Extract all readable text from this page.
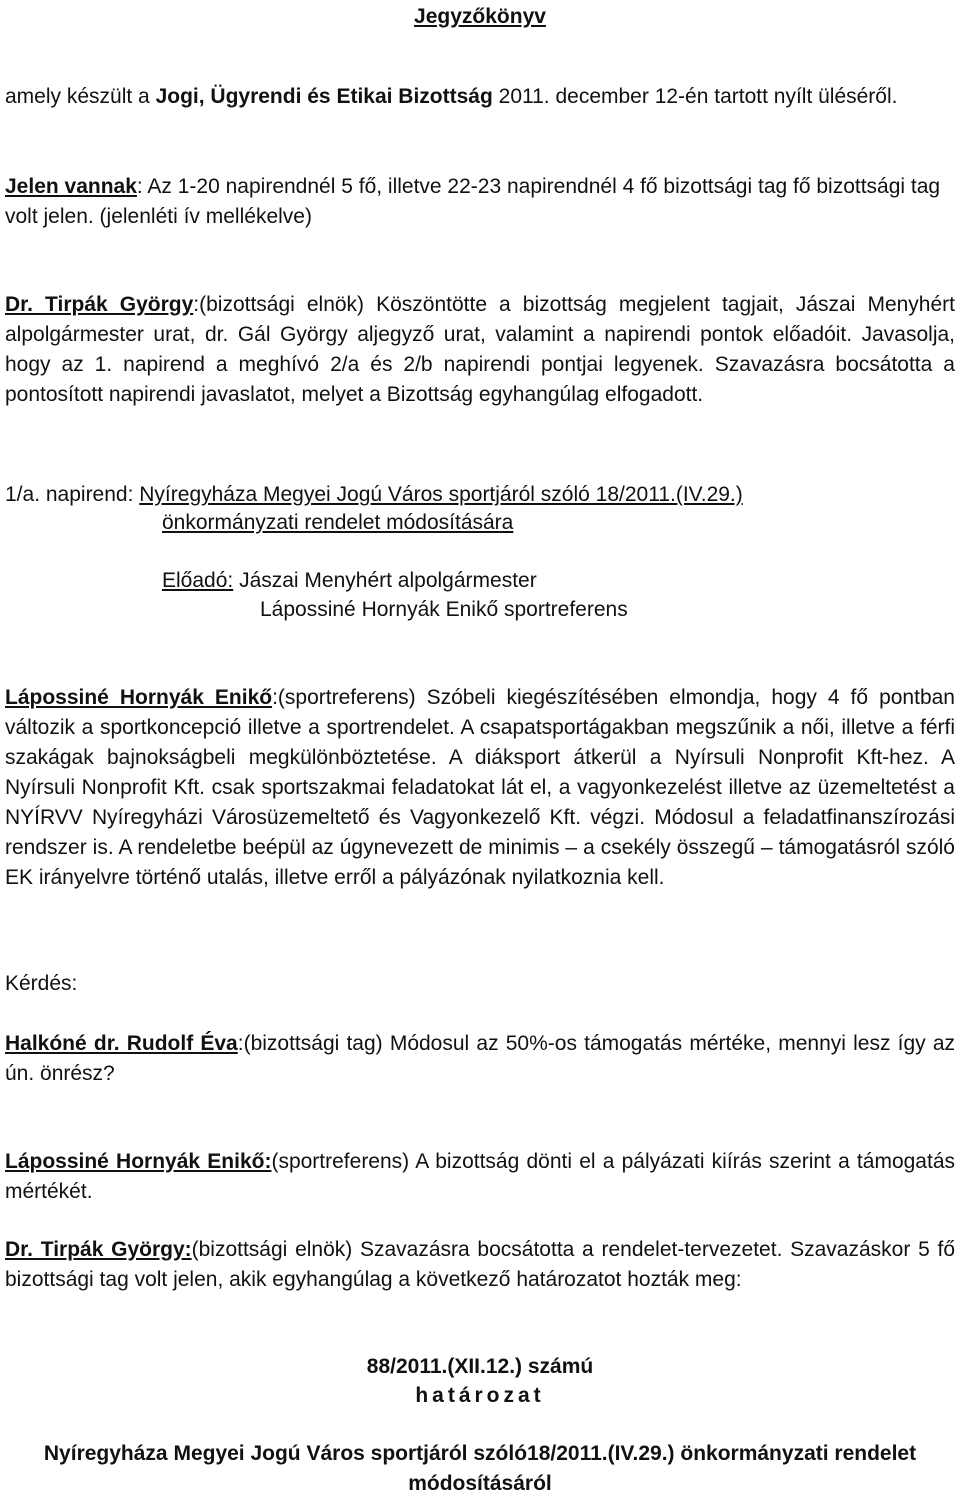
Jegyzőkönyv

amely készült a Jogi, Ügyrendi és Etikai Bizottság 2011. december 12-én tartott nyílt üléséről.

Jelen vannak: Az 1-20 napirendnél 5 fő, illetve 22-23 napirendnél 4 fő bizottsági tag fő bizottsági tag volt jelen. (jelenléti ív mellékelve)

Dr. Tirpák György:(bizottsági elnök) Köszöntötte a bizottság megjelent tagjait, Jászai Menyhért alpolgármester urat, dr. Gál György aljegyző urat, valamint a napirendi pontok előadóit. Javasolja, hogy az 1. napirend a meghívó 2/a és 2/b napirendi pontjai legyenek. Szavazásra bocsátotta a pontosított napirendi javaslatot, melyet a Bizottság egyhangúlag elfogadott.

1/a. napirend: Nyíregyháza Megyei Jogú Város sportjáról szóló 18/2011.(IV.29.)

önkormányzati rendelet módosítására

Előadó: Jászai Menyhért alpolgármester

Lápossiné Hornyák Enikő sportreferens

Lápossiné Hornyák Enikő:(sportreferens) Szóbeli kiegészítésében elmondja, hogy 4 fő pontban változik a sportkoncepció illetve a sportrendelet. A csapatsportágakban megszűnik a női, illetve a férfi szakágak bajnokságbeli megkülönböztetése. A diáksport átkerül a Nyírsuli Nonprofit Kft-hez. A Nyírsuli Nonprofit Kft. csak sportszakmai feladatokat lát el, a vagyonkezelést illetve az üzemeltetést a NYÍRVV Nyíregyházi Városüzemeltető és Vagyonkezelő Kft. végzi. Módosul a feladatfinanszírozási rendszer is. A rendeletbe beépül az úgynevezett de minimis – a csekély összegű – támogatásról szóló EK irányelvre történő utalás, illetve erről a pályázónak nyilatkoznia kell.

Kérdés:

Halkóné dr. Rudolf Éva:(bizottsági tag) Módosul az 50%-os támogatás mértéke, mennyi lesz így az ún. önrész?

Lápossiné Hornyák Enikő:(sportreferens) A bizottság dönti el a pályázati kiírás szerint a támogatás mértékét.

Dr. Tirpák György:(bizottsági elnök) Szavazásra bocsátotta a rendelet-tervezetet. Szavazáskor 5 fő bizottsági tag volt jelen, akik egyhangúlag a következő határozatot hozták meg:

88/2011.(XII.12.) számú

határozat

Nyíregyháza Megyei Jogú Város sportjáról szóló18/2011.(IV.29.) önkormányzati rendelet módosításáról
